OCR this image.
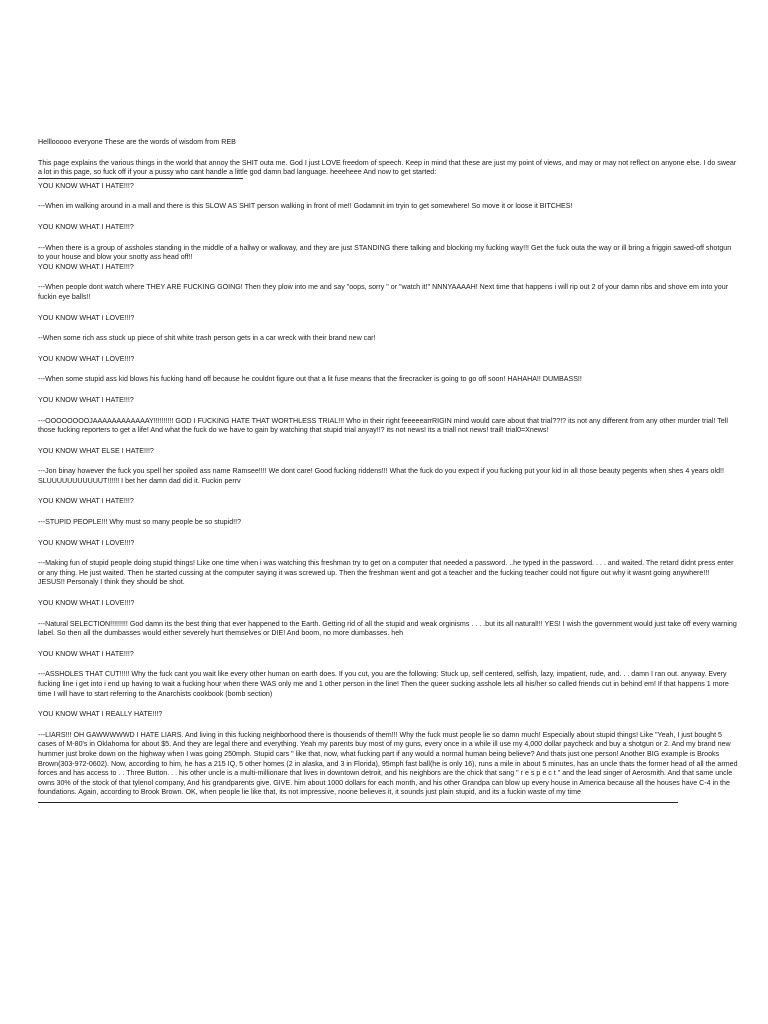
Helllooooo everyone These are the words of wisdom from REB

This page explains the various things in the world that annoy the SHIT outa me. God I just LOVE freedom of speech. Keep in mind that these are just my point of views, and may or may not reflect on anyone else. I do swear a lot in this page, so fuck off if your a pussy who cant handle a little god damn bad language. heeeheee And now to get started:

YOU KNOW WHAT I HATE!!!?

---When im walking around in a mall and there is this SLOW AS SHIT person walking in front of me!! Godamnit im tryin to get somewhere! So move it or loose it BITCHES!

YOU KNOW WHAT I HATE!!!?

---When there is a group of assholes standing in the middle of a hallwy or walkway, and they are just STANDING there talking and blocking my fucking way!!! Get the fuck outa the way or ill bring a friggin sawed-off shotgun to your house and blow your snotty ass head off!!

YOU KNOW WHAT I HATE!!!?

---When people dont watch where THEY ARE FUCKING GOING! Then they plow into me and say "oops, sorry " or "watch it!" NNNYAAAAH! Next time that happens i will rip out 2 of your damn ribs and shove em into your fuckin eye balls!!

YOU KNOW WHAT I LOVE!!!?

--When some rich ass stuck up piece of shit white trash person gets in a car wreck with their brand new car!

YOU KNOW WHAT I LOVE!!!?

---When some stupid ass kid blows his fucking hand off because he couldnt figure out that a lit fuse means that the firecracker is going to go off soon! HAHAHA!! DUMBASS!!

YOU KNOW WHAT I HATE!!!?

---OOOOOOOOJAAAAAAAAAAAAY!!!!!!!!!! GOD I FUCKING HATE THAT WORTHLESS TRIAL!!! Who in their right feeeeearrRIGIN mind would care about that trial??!? its not any different from any other murder trial! Tell those fucking reporters to get a life! And what the fuck do we have to gain by watching that stupid trial anyay!!? its not news! its a triall not news! trail! trial0=Xnews!

YOU KNOW WHAT ELSE I HATE!!!?

---Jon binay however the fuck you spell her spoiled ass name Ramsee!!!! We dont care! Good fucking riddens!!! What the fuck do you expect if you fucking put your kid in all those beauty pegents when shes 4 years old!! SLUUUUUUUUUUUT!!!!!! I bet her damn dad did it. Fuckin perrv

YOU KNOW WHAT I HATE!!!?

---STUPID PEOPLE!!! Why must so many people be so stupid!!?

YOU KNOW WHAT I LOVE!!!?

---Making fun of stupid people doing stupid things! Like one time when i was watching this freshman try to get on a computer that needed a password. ..he typed in the password. . . . and waited. The retard didnt press enter or any thing. He just waited. Then he started cussing at the computer saying it was screwed up. Then the freshman went and got a teacher and the fucking teacher could not figure out why it wasnt going anywhere!!! JESUS!! Personaly I think they should be shot.

YOU KNOW WHAT I LOVE!!!?

---Natural SELECTION!!!!!!!!! God damn its the best thing that ever happened to the Earth. Getting rid of all the stupid and weak orginisms . . . .but its all natural!!! YES! I wish the government would just take off every warning label. So then all the dumbasses would either severely hurt themselves or DIE! And boom, no more dumbasses. heh

YOU KNOW WHAT I HATE!!!?

---ASSHOLES THAT CUT!!!!! Why the fuck cant you wait like every other human on earth does. If you cut, you are the following: Stuck up, self centered, selfish, lazy, impatient, rude, and. . . damn I ran out. anyway. Every fucking line i get into i end up having to wait a fucking hour when there WAS only me and 1 other person in the line! Then the queer sucking asshole lets all his/her so called friends cut in behind em! If that happens 1 more time I will have to start referring to the Anarchists cookbook (bomb section)

YOU KNOW WHAT I REALLY HATE!!!?

---LIARS!!! OH GAWWWWWD I HATE LIARS. And living in this fucking neighborhood there is thousends of them!!! Why the fuck must people lie so damn much! Especially about stupid things! Like "Yeah, I just bought 5 cases of M-80's in Oklahoma for about $5. And they are legal there and everything. Yeah my parents buy most of my guns, every once in a while ill use my 4,000 dollar paycheck and buy a shotgun or 2. And my brand new hummer just broke down on the highway when I was going 250mph. Stupid cars " like that, now, what fucking part if any would a normal human being believe? And thats just one person! Another BIG example is Brooks Brown(303-972-0602). Now, according to him, he has a 215 IQ, 5 other homes (2 in alaska, and 3 in Florida), 95mph fast ball(he is only 16), runs a mile in about 5 minutes, has an uncle thats the former head of all the armed forces and has access to . . Three Button. . . his other uncle is a multi-millionare that lives in downtown detroit, and his neighbors are the chick that sang " r e s p e c t " and the lead singer of Aerosmith. And that same uncle owns 30% of the stock of that tylenol company, And his grandparents give. GIVE. him about 1000 dollars for each month, and his other Grandpa can blow up every house in America because all the houses have C-4 in the foundations. Again, according to Brook Brown. OK, when people lie like that, its not impressive, noone believes it, it sounds just plain stupid, and its a fuckin waste of my time
